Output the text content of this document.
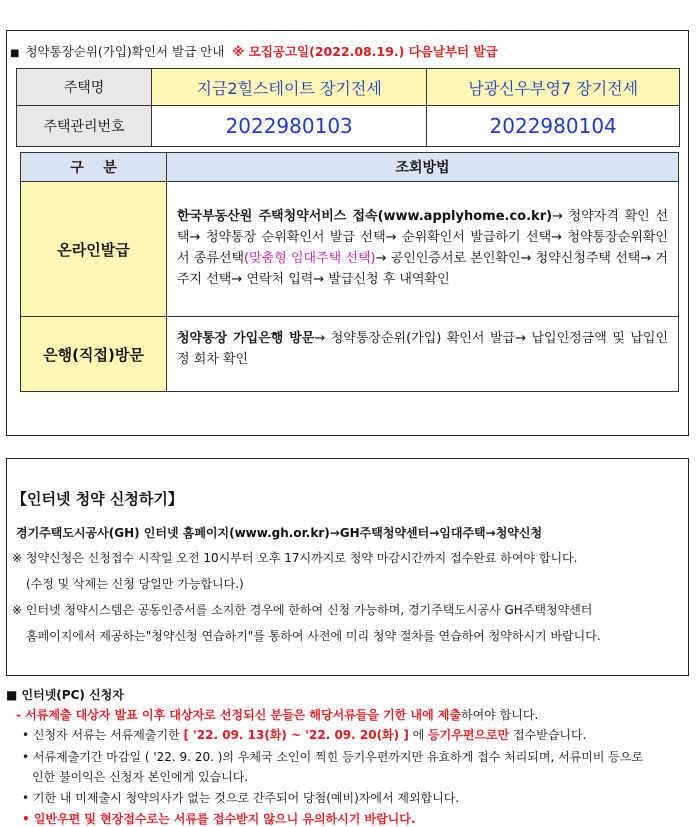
■ 청약통장순위(가입)확인서 발급 안내 ※ 모집공고일(2022.08.19.) 다음날부터 발급
주택명	지금2힐스테이트 장기전세	남광신우부영7 장기전세
주택관리번호	2022980103	2022980104
구    분	조회방법
온라인발급	한국부동산원 주택청약서비스 접속(www.applyhome.co.kr)→ 청약자격 확인 선택→ 청약통장 순위확인서 발급 선택→ 순위확인서 발급하기 선택→ 청약통장순위확인서 종류선택(맞춤형 임대주택 선택)→ 공인인증서로 본인확인→ 청약신청주택 선택→ 거주지 선택→ 연락처 입력→ 발급신청 후 내역확인
은행(직접)방문	청약통장 가입은행 방문→ 청약통장순위(가입) 확인서 발급→ 납입인정금액 및 납입인정 회차 확인

【인터넷 청약 신청하기】
경기주택도시공사(GH) 인터넷 홈페이지(www.gh.or.kr)→GH주택청약센터→임대주택→청약신청
※ 청약신청은 신청접수 시작일 오전 10시부터 오후 17시까지로 청약 마감시간까지 접수완료 하여야 합니다.
(수정 및 삭제는 신청 당일만 가능합니다.)
※ 인터넷 청약시스템은 공동인증서를 소지한 경우에 한하여 신청 가능하며, 경기주택도시공사 GH주택청약센터
홈페이지에서 제공하는"청약신청 연습하기"를 통하여 사전에 미리 청약 절차를 연습하여 청약하시기 바랍니다.
■ 인터넷(PC) 신청자
- 서류제출 대상자 발표 이후 대상자로 선정되신 분들은 해당서류들을 기한 내에 제출하여야 합니다.
• 신청자 서류는 서류제출기한 [ '22. 09. 13(화) ~ '22. 09. 20(화) ] 에 등기우편으로만 접수받습니다.
• 서류제출기간 마감일 ( '22. 9. 20. )의 우체국 소인이 찍힌 등기우편까지만 유효하게 접수 처리되며, 서류미비 등으로
인한 불이익은 신청자 본인에게 있습니다.
• 기한 내 미제출시 청약의사가 없는 것으로 간주되어 당첨(예비)자에서 제외합니다.
• 일반우편 및 현장접수로는 서류를 접수받지 않으니 유의하시기 바랍니다.
